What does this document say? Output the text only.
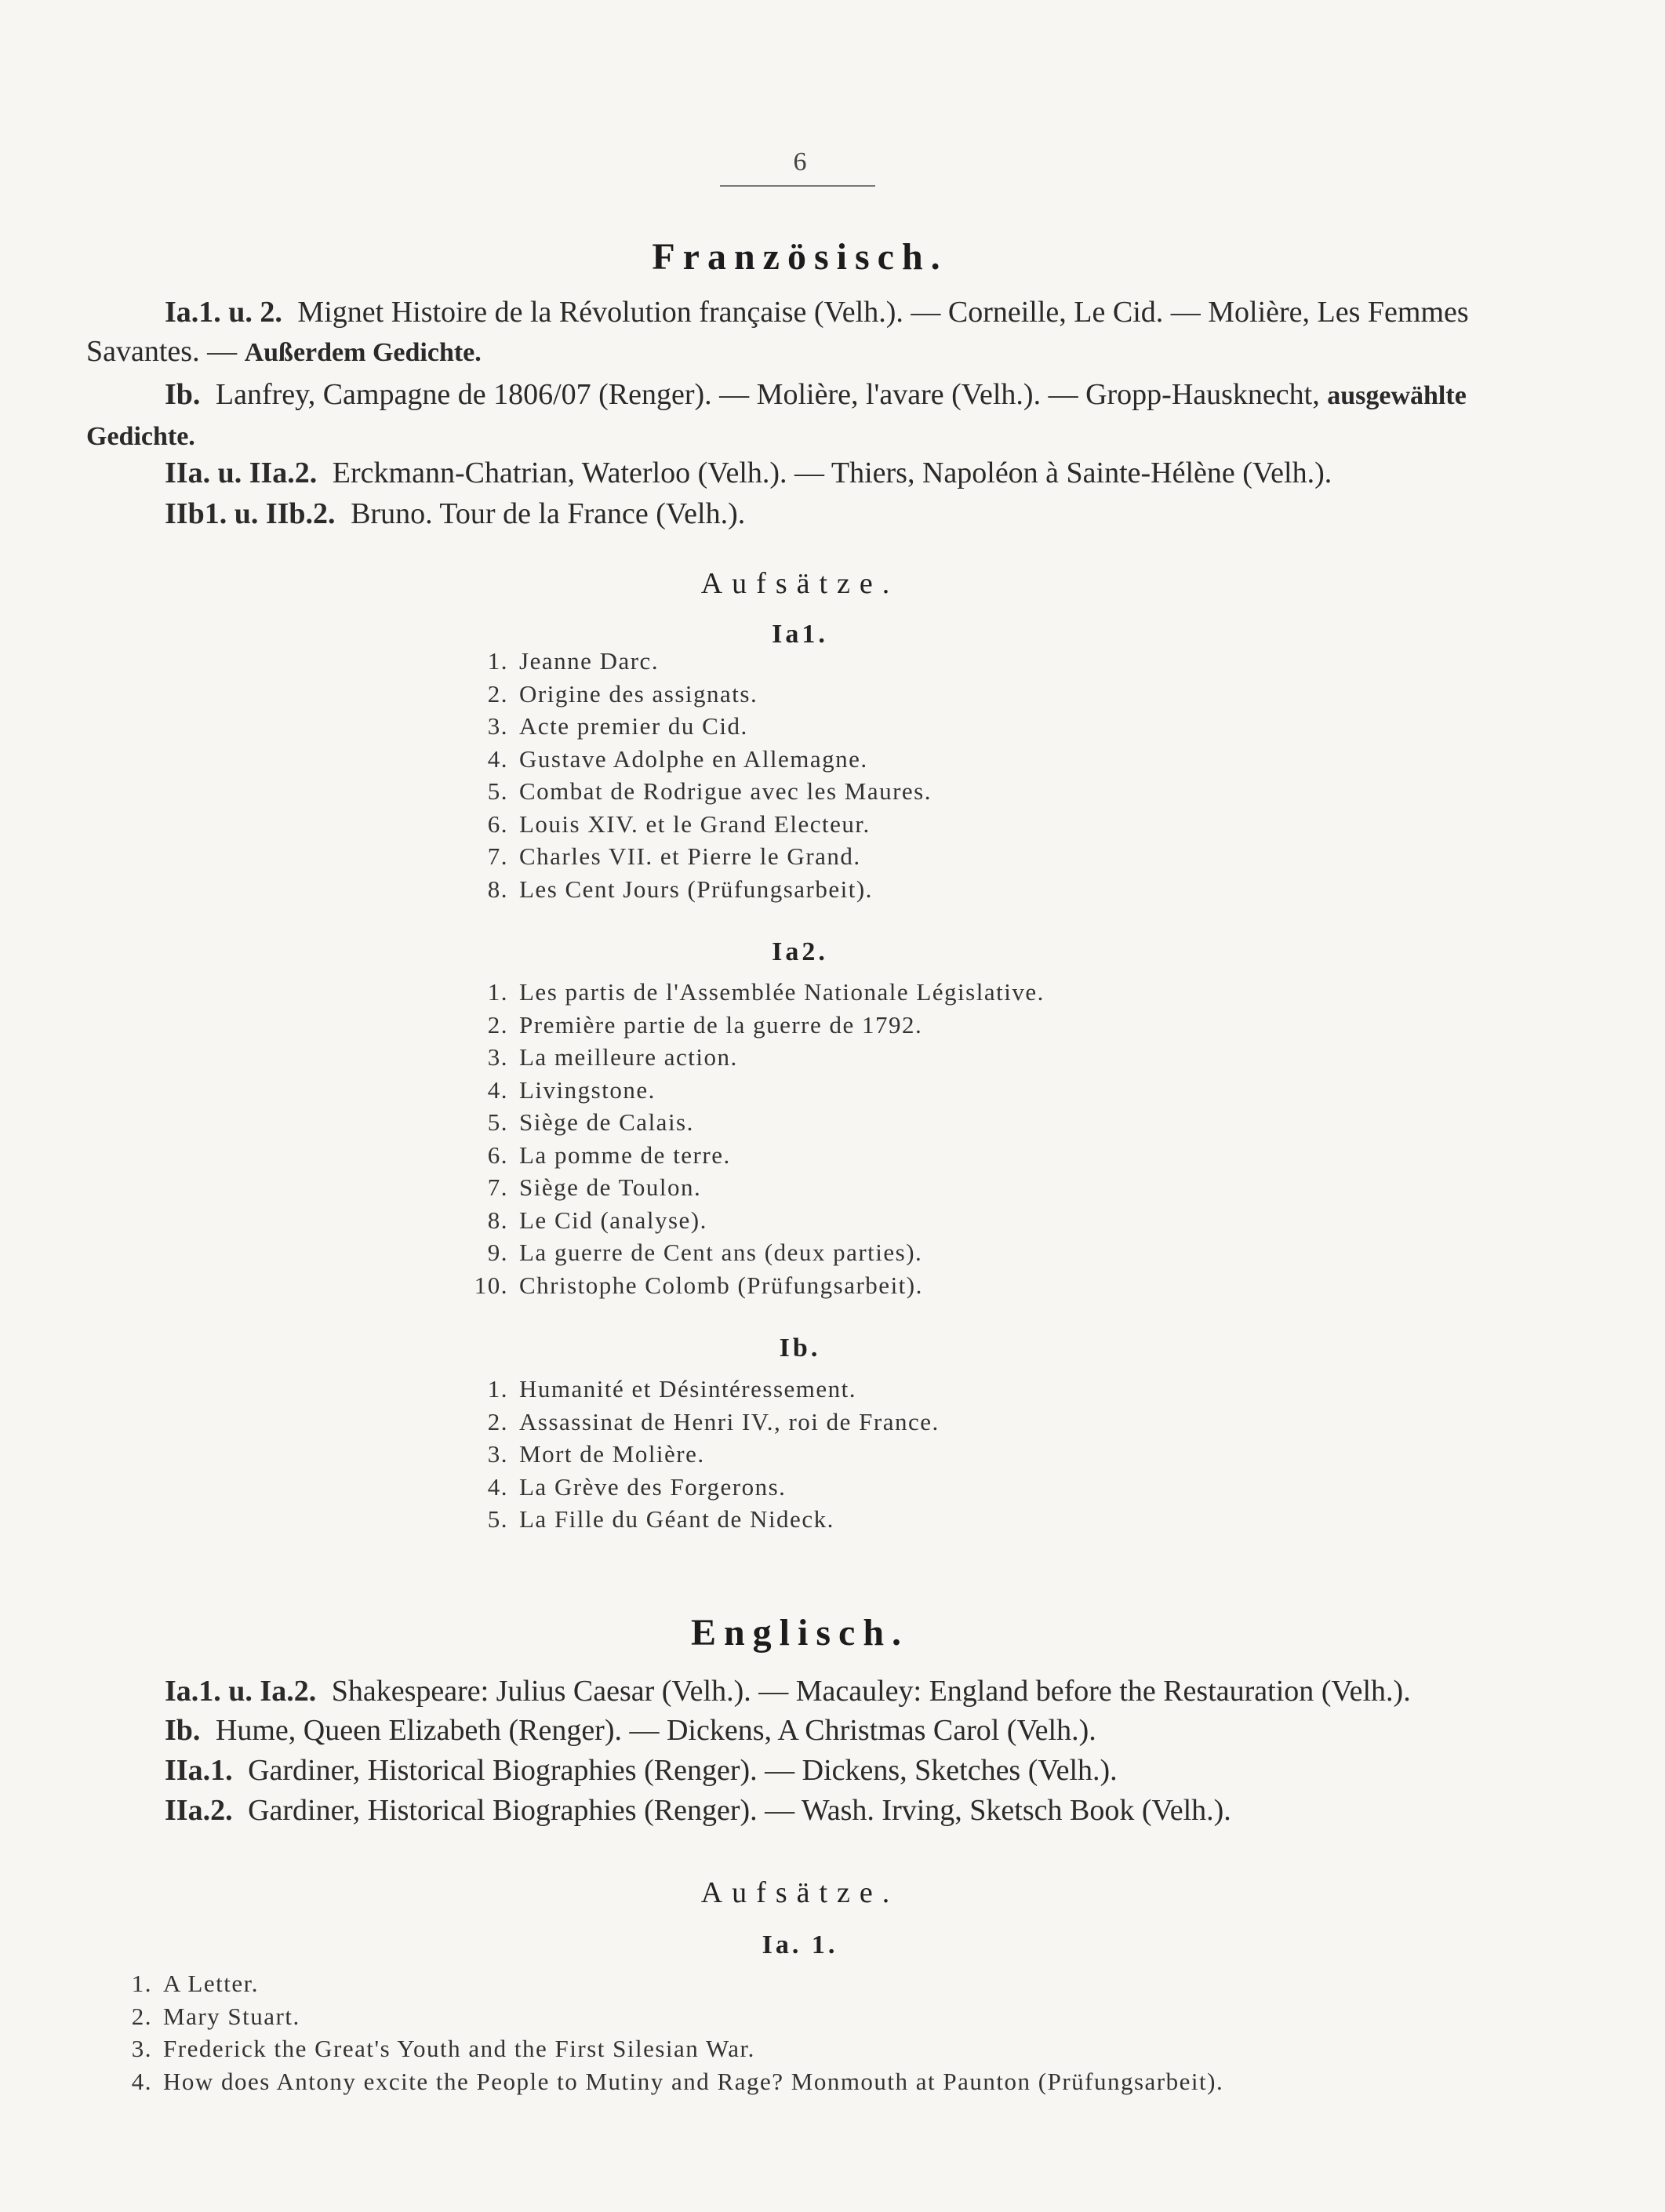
6
Französisch.
Ia.1. u. 2. Mignet Histoire de la Révolution française (Velh.). — Corneille, Le Cid. — Molière, Les Femmes Savantes. — Außerdem Gedichte.
Ib. Lanfrey, Campagne de 1806/07 (Renger). — Molière, l'avare (Velh.). — Gropp-Hausknecht, ausgewählte Gedichte.
IIa. u. IIa.2. Erckmann-Chatrian, Waterloo (Velh.). — Thiers, Napoléon à Sainte-Hélène (Velh.).
IIb1. u. IIb.2. Bruno. Tour de la France (Velh.).
Aufsätze.
Ia1.
1. Jeanne Darc.
2. Origine des assignats.
3. Acte premier du Cid.
4. Gustave Adolphe en Allemagne.
5. Combat de Rodrigue avec les Maures.
6. Louis XIV. et le Grand Electeur.
7. Charles VII. et Pierre le Grand.
8. Les Cent Jours (Prüfungsarbeit).
Ia2.
1. Les partis de l'Assemblée Nationale Législative.
2. Première partie de la guerre de 1792.
3. La meilleure action.
4. Livingstone.
5. Siège de Calais.
6. La pomme de terre.
7. Siège de Toulon.
8. Le Cid (analyse).
9. La guerre de Cent ans (deux parties).
10. Christophe Colomb (Prüfungsarbeit).
Ib.
1. Humanité et Désintéressement.
2. Assassinat de Henri IV., roi de France.
3. Mort de Molière.
4. La Grève des Forgerons.
5. La Fille du Géant de Nideck.
Englisch.
Ia.1. u. Ia.2. Shakespeare: Julius Caesar (Velh.). — Macauley: England before the Restauration (Velh.).
Ib. Hume, Queen Elizabeth (Renger). — Dickens, A Christmas Carol (Velh.).
IIa.1. Gardiner, Historical Biographies (Renger). — Dickens, Sketches (Velh.).
IIa.2. Gardiner, Historical Biographies (Renger). — Wash. Irving, Sketsch Book (Velh.).
Aufsätze.
Ia. 1.
1. A Letter.
2. Mary Stuart.
3. Frederick the Great's Youth and the First Silesian War.
4. How does Antony excite the People to Mutiny and Rage? Monmouth at Paunton (Prüfungsarbeit).
